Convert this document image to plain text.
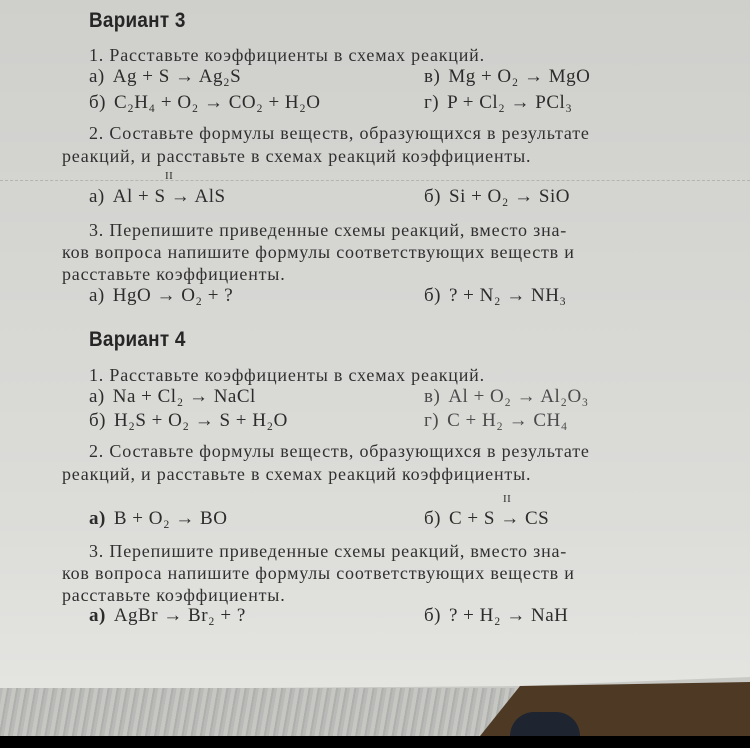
Вариант 3
1. Расставьте коэффициенты в схемах реакций.
а) Ag + S → Ag₂S	в) Mg + O₂ → MgO
б) C₂H₄ + O₂ → CO₂ + H₂O	г) P + Cl₂ → PCl₃
2. Составьте формулы веществ, образующихся в результате
реакций, и расставьте в схемах реакций коэффициенты.
а) Al + S → AlS
II
б) Si + O₂ → SiO
3. Перепишите приведенные схемы реакций, вместо зна-
ков вопроса напишите формулы соответствующих веществ и
расставьте коэффициенты.
а) HgO → O₂ + ?	б) ? + N₂ → NH₃
Вариант 4
1. Расставьте коэффициенты в схемах реакций.
а) Na + Cl₂ → NaCl	в) Al + O₂ → Al₂O₃
б) H₂S + O₂ → S + H₂O	г) C + H₂ → CH₄
2. Составьте формулы веществ, образующихся в результате
реакций, и расставьте в схемах реакций коэффициенты.
а) B + O₂ → BO	б) C + S → CS
II
3. Перепишите приведенные схемы реакций, вместо зна-
ков вопроса напишите формулы соответствующих веществ и
расставьте коэффициенты.
а) AgBr → Br₂ + ?	б) ? + H₂ → NaH
